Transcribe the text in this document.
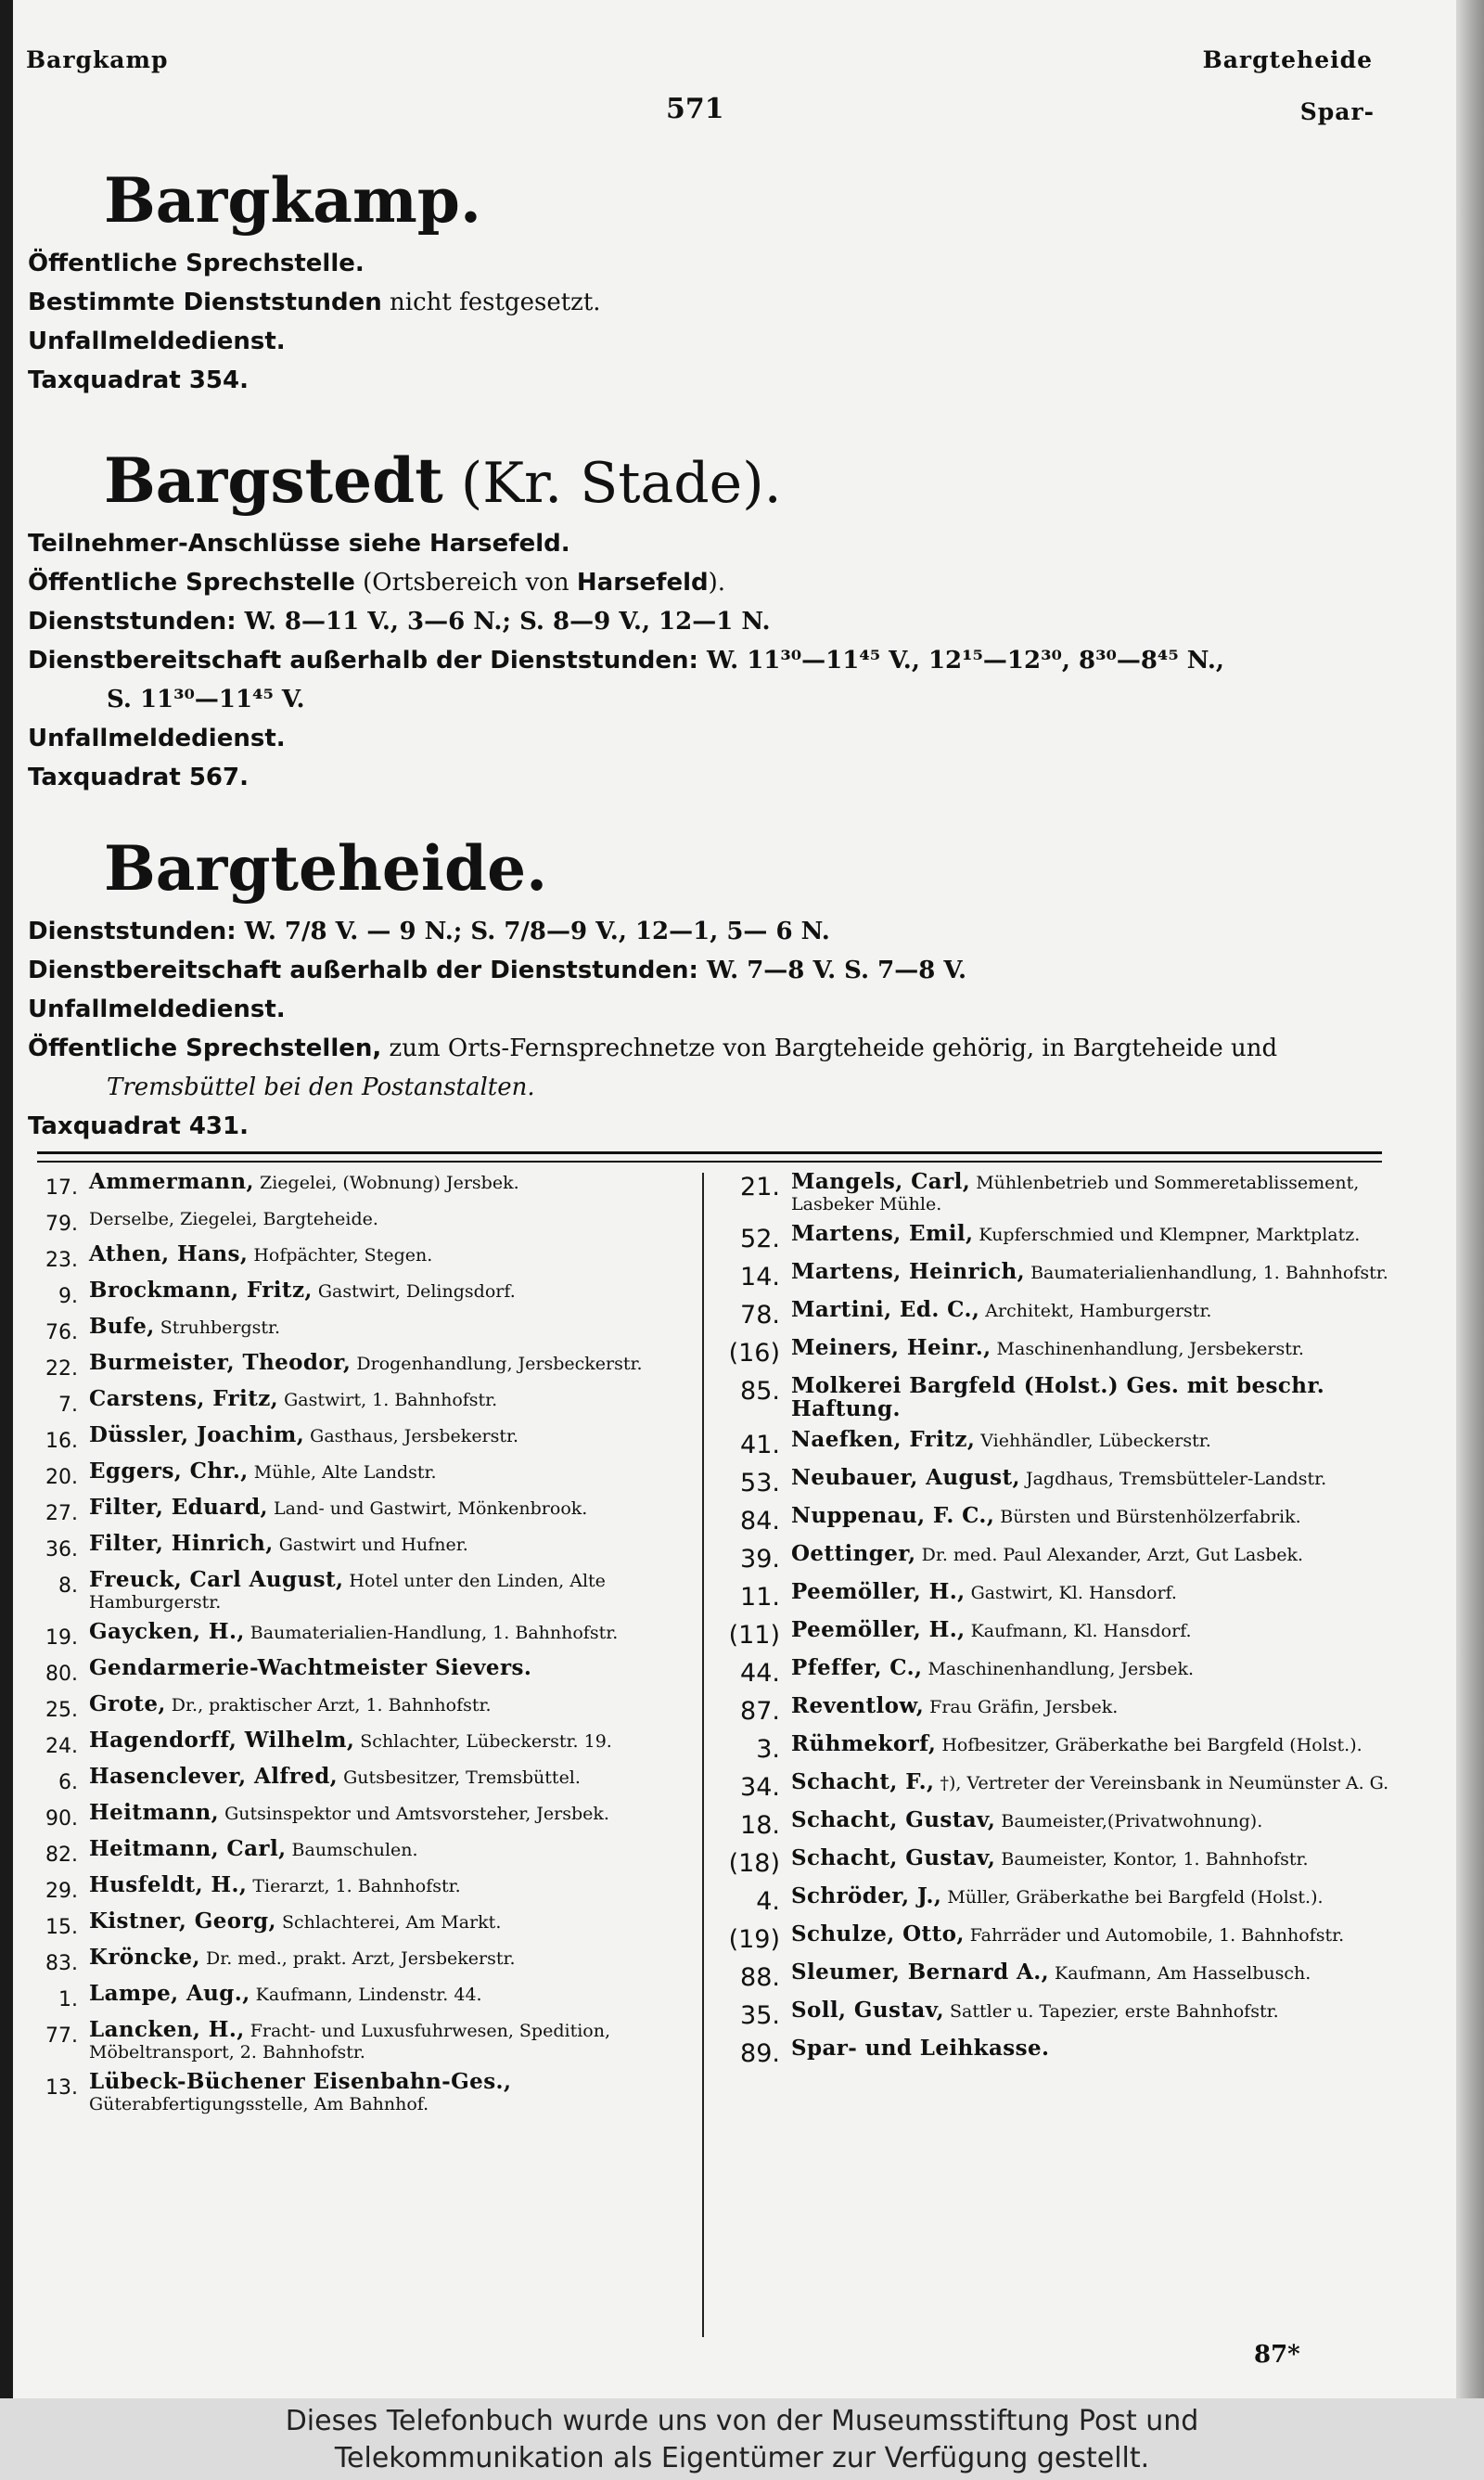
Bargkamp
571
Bargteheide
Spar-
Bargkamp.
Öffentliche Sprechstelle.
Bestimmte Dienststunden nicht festgesetzt.
Unfallmeldedienst.
Taxquadrat 354.
Bargstedt (Kr. Stade).
Teilnehmer-Anschlüsse siehe Harsefeld.
Öffentliche Sprechstelle (Ortsbereich von Harsefeld).
Dienststunden: W. 8—11 V., 3—6 N.; S. 8—9 V., 12—1 N.
Dienstbereitschaft außerhalb der Dienststunden: W. 11³⁰—11⁴⁵ V., 12¹⁵—12³⁰, 8³⁰—8⁴⁵ N.,
S. 11³⁰—11⁴⁵ V.
Unfallmeldedienst.
Taxquadrat 567.
Bargteheide.
Dienststunden: W. 7/8 V. — 9 N.; S. 7/8—9 V., 12—1, 5— 6 N.
Dienstbereitschaft außerhalb der Dienststunden: W. 7—8 V. S. 7—8 V.
Unfallmeldedienst.
Öffentliche Sprechstellen, zum Orts-Fernsprechnetze von Bargteheide gehörig, in Bargteheide und
Tremsbüttel bei den Postanstalten.
Taxquadrat 431.
17. Ammermann, Ziegelei, (Wobnung) Jersbek.
79. Derselbe, Ziegelei, Bargteheide.
23. Athen, Hans, Hofpächter, Stegen.
9. Brockmann, Fritz, Gastwirt, Delingsdorf.
76. Bufe, Struhbergstr.
22. Burmeister, Theodor, Drogenhandlung, Jersbeckerstr.
7. Carstens, Fritz, Gastwirt, 1. Bahnhofstr.
16. Düssler, Joachim, Gasthaus, Jersbekerstr.
20. Eggers, Chr., Mühle, Alte Landstr.
27. Filter, Eduard, Land- und Gastwirt, Mönkenbrook.
36. Filter, Hinrich, Gastwirt und Hufner.
8. Freuck, Carl August, Hotel unter den Linden, Alte Hamburgerstr.
19. Gaycken, H., Baumaterialien-Handlung, 1. Bahnhofstr.
80. Gendarmerie-Wachtmeister Sievers.
25. Grote, Dr., praktischer Arzt, 1. Bahnhofstr.
24. Hagendorff, Wilhelm, Schlachter, Lübeckerstr. 19.
6. Hasenclever, Alfred, Gutsbesitzer, Tremsbüttel.
90. Heitmann, Gutsinspektor und Amtsvorsteher, Jersbek.
82. Heitmann, Carl, Baumschulen.
29. Husfeldt, H., Tierarzt, 1. Bahnhofstr.
15. Kistner, Georg, Schlachterei, Am Markt.
83. Kröncke, Dr. med., prakt. Arzt, Jersbekerstr.
1. Lampe, Aug., Kaufmann, Lindenstr. 44.
77. Lancken, H., Fracht- und Luxusfuhrwesen, Spedition, Möbeltransport, 2. Bahnhofstr.
13. Lübeck-Büchener Eisenbahn-Ges., Güterabfertigungsstelle, Am Bahnhof.
21. Mangels, Carl, Mühlenbetrieb und Sommeretablissement, Lasbeker Mühle.
52. Martens, Emil, Kupferschmied und Klempner, Marktplatz.
14. Martens, Heinrich, Baumaterialienhandlung, 1. Bahnhofstr.
78. Martini, Ed. C., Architekt, Hamburgerstr.
(16) Meiners, Heinr., Maschinenhandlung, Jersbekerstr.
85. Molkerei Bargfeld (Holst.) Ges. mit beschr. Haftung.
41. Naefken, Fritz, Viehhändler, Lübeckerstr.
53. Neubauer, August, Jagdhaus, Tremsbütteler-Landstr.
84. Nuppenau, F. C., Bürsten und Bürstenhölzerfabrik.
39. Oettinger, Dr. med. Paul Alexander, Arzt, Gut Lasbek.
11. Peemöller, H., Gastwirt, Kl. Hansdorf.
(11) Peemöller, H., Kaufmann, Kl. Hansdorf.
44. Pfeffer, C., Maschinenhandlung, Jersbek.
87. Reventlow, Frau Gräfin, Jersbek.
3. Rühmekorf, Hofbesitzer, Gräberkathe bei Bargfeld (Holst.).
34. Schacht, F., †), Vertreter der Vereinsbank in Neumünster A. G.
18. Schacht, Gustav, Baumeister,(Privatwohnung).
(18) Schacht, Gustav, Baumeister, Kontor, 1. Bahnhofstr.
4. Schröder, J., Müller, Gräberkathe bei Bargfeld (Holst.).
(19) Schulze, Otto, Fahrräder und Automobile, 1. Bahnhofstr.
88. Sleumer, Bernard A., Kaufmann, Am Hasselbusch.
35. Soll, Gustav, Sattler u. Tapezier, erste Bahnhofstr.
89. Spar- und Leihkasse.
87*
Dieses Telefonbuch wurde uns von der Museumsstiftung Post und
Telekommunikation als Eigentümer zur Verfügung gestellt.
